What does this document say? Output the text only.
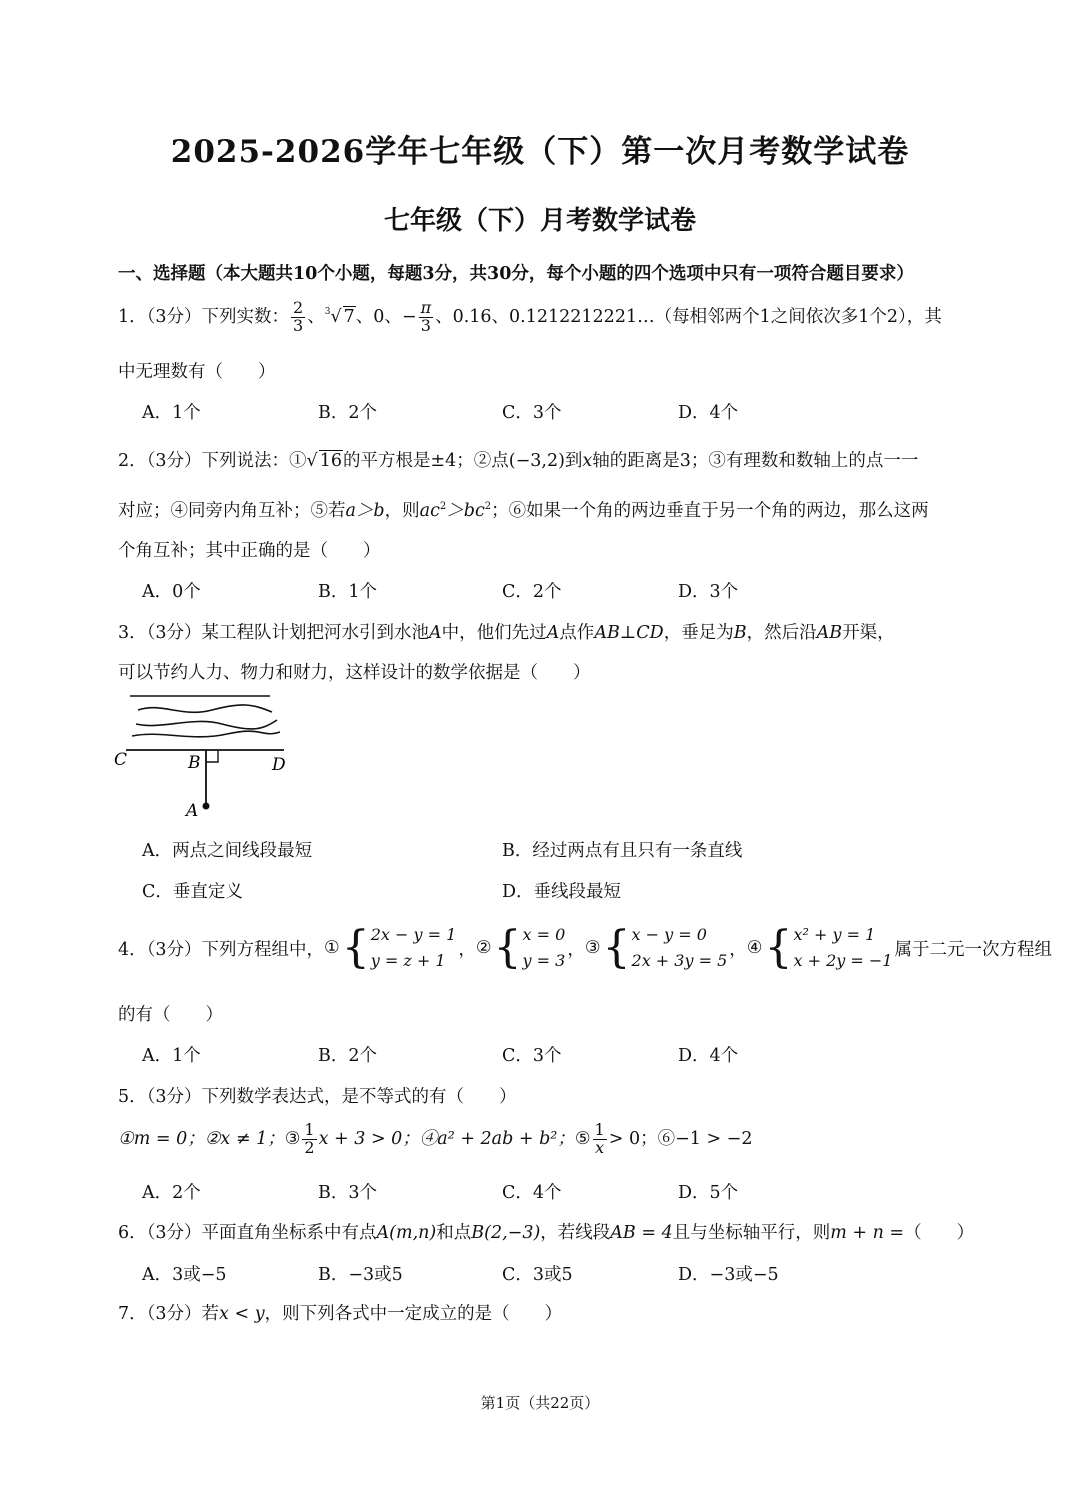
2025-2026学年七年级（下）第一次月考数学试卷
七年级（下）月考数学试卷
一、选择题（本大题共10个小题，每题3分，共30分，每个小题的四个选项中只有一项符合题目要求）
1．（3分）下列实数： $\frac{2}{3}$ 、$^3$√ 7、0、− $\frac{\pi}{3}$ 、0.16、0.1212212221…（每相邻两个1之间依次多1个2），其
中无理数有（　　）
A．1个	B．2个	C．3个	D．4个
2．（3分）下列说法：①√ 16的平方根是±4；②点(−3,2)到x轴的距离是3；③有理数和数轴上的点一一
对应；④同旁内角互补；⑤若a＞b，则$ac^2>bc^2$；⑥如果一个角的两边垂直于另一个角的两边，那么这两
个角互补；其中正确的是（　　）
A．0个	B．1个	C．2个	D．3个
3．（3分）某工程队计划把河水引到水池A中，他们先过A点作AB⊥CD，垂足为B，然后沿AB开渠，
可以节约人力、物力和财力，这样设计的数学依据是（　　）
C	B	D
A
A．两点之间线段最短	B．经过两点有且只有一条直线
C．垂直定义	D．垂线段最短
4．（3分）下列方程组中， ① { 2x − y = 1
y = z + 1
， ② { x = 0
y = 3
， ③ { x − y = 0
2x + 3y = 5
， ④ { x² + y = 1
x + 2y = −1
属于二元一次方程组
的有（　　）
A．1个	B．2个	C．3个	D．4个
5．（3分）下列数学表达式，是不等式的有（　　）
①m = 0；②x ≠ 1；③ $\frac{1}{2}$ x + 3 > 0；④a² + 2ab + b²；⑤ $\frac{1}{x} > 0$；⑥−1 > −2
A．2个	B．3个	C．4个	D．5个
6．（3分）平面直角坐标系中有点A(m,n)和点B(2,−3)，若线段AB = 4且与坐标轴平行，则m + n =（　　）
A．3或−5	B．−3或5	C．3或5	D．−3或−5
7．（3分）若x < y，则下列各式中一定成立的是（　　）
第1页（共22页）
